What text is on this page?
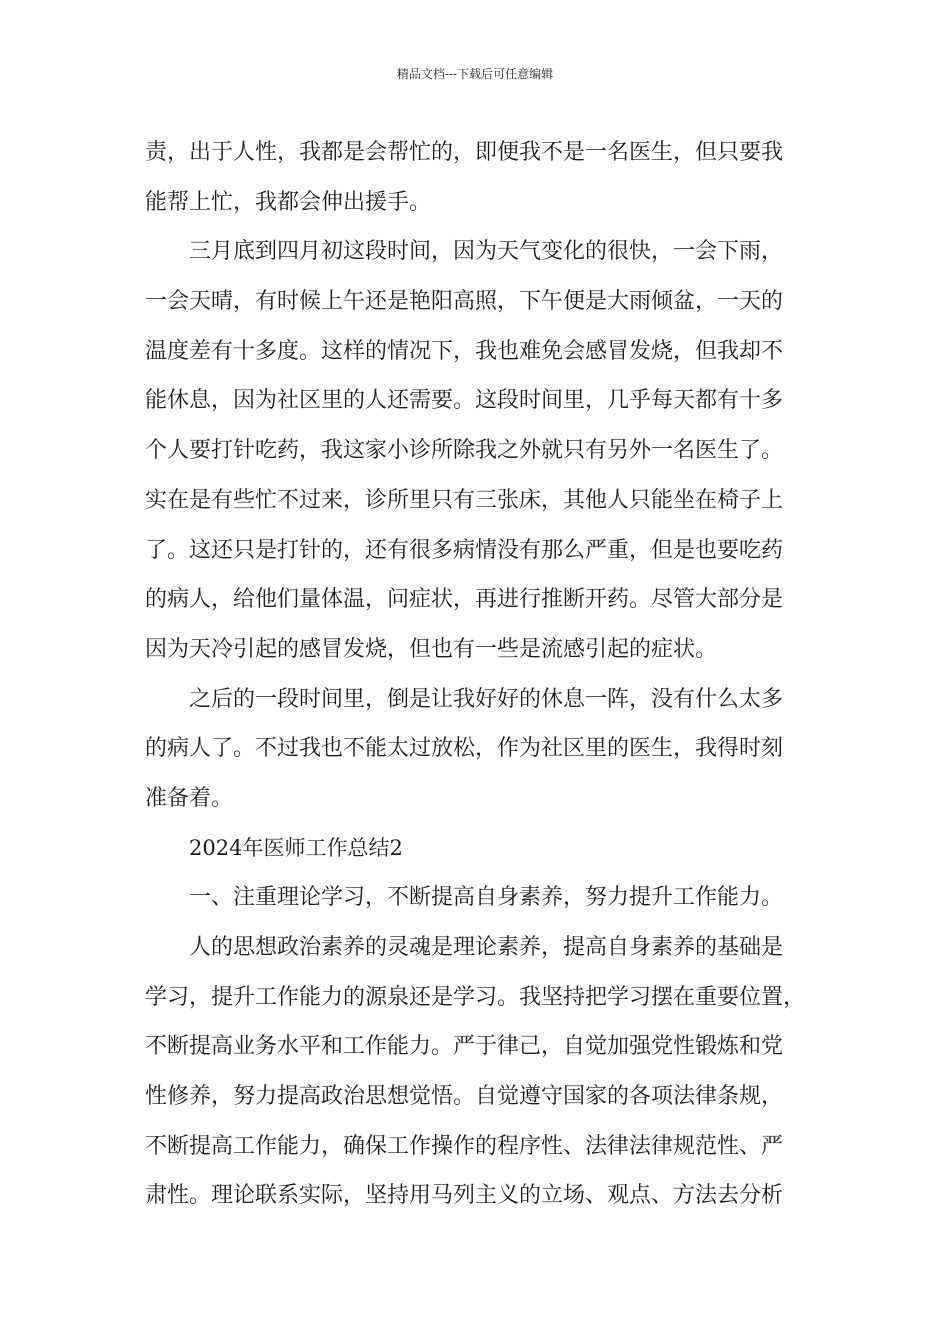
精品文档---下载后可任意编辑
责，出于人性，我都是会帮忙的，即便我不是一名医生，但只要我
能帮上忙，我都会伸出援手。
三月底到四月初这段时间，因为天气变化的很快，一会下雨，
一会天晴，有时候上午还是艳阳高照，下午便是大雨倾盆，一天的
温度差有十多度。这样的情况下，我也难免会感冒发烧，但我却不
能休息，因为社区里的人还需要。这段时间里，几乎每天都有十多
个人要打针吃药，我这家小诊所除我之外就只有另外一名医生了。
实在是有些忙不过来，诊所里只有三张床，其他人只能坐在椅子上
了。这还只是打针的，还有很多病情没有那么严重，但是也要吃药
的病人，给他们量体温，问症状，再进行推断开药。尽管大部分是
因为天冷引起的感冒发烧，但也有一些是流感引起的症状。
之后的一段时间里，倒是让我好好的休息一阵，没有什么太多
的病人了。不过我也不能太过放松，作为社区里的医生，我得时刻
准备着。
2024年医师工作总结2
一、注重理论学习，不断提高自身素养，努力提升工作能力。
人的思想政治素养的灵魂是理论素养，提高自身素养的基础是
学习，提升工作能力的源泉还是学习。我坚持把学习摆在重要位置，
不断提高业务水平和工作能力。严于律己，自觉加强党性锻炼和党
性修养，努力提高政治思想觉悟。自觉遵守国家的各项法律条规，
不断提高工作能力，确保工作操作的程序性、法律法律规范性、严
肃性。理论联系实际，坚持用马列主义的立场、观点、方法去分析
